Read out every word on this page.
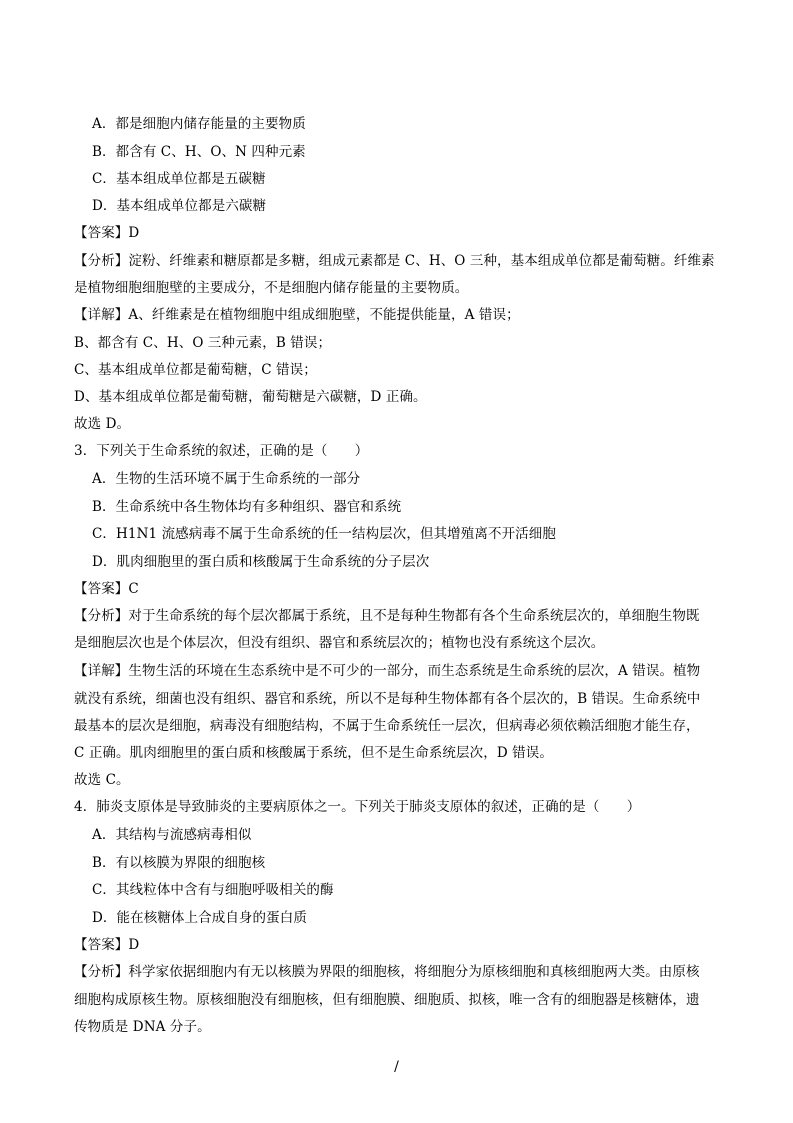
A．都是细胞内储存能量的主要物质
B．都含有 C、H、O、N 四种元素
C．基本组成单位都是五碳糖
D．基本组成单位都是六碳糖
【答案】D
【分析】淀粉、纤维素和糖原都是多糖，组成元素都是 C、H、O 三种，基本组成单位都是葡萄糖。纤维素
是植物细胞细胞壁的主要成分，不是细胞内储存能量的主要物质。
【详解】A、纤维素是在植物细胞中组成细胞壁，不能提供能量，A 错误；
B、都含有 C、H、O 三种元素，B 错误；
C、基本组成单位都是葡萄糖，C 错误；
D、基本组成单位都是葡萄糖，葡萄糖是六碳糖，D 正确。
故选 D。
3．下列关于生命系统的叙述，正确的是（　　）
A．生物的生活环境不属于生命系统的一部分
B．生命系统中各生物体均有多种组织、器官和系统
C．H1N1 流感病毒不属于生命系统的任一结构层次，但其增殖离不开活细胞
D．肌肉细胞里的蛋白质和核酸属于生命系统的分子层次
【答案】C
【分析】对于生命系统的每个层次都属于系统，且不是每种生物都有各个生命系统层次的，单细胞生物既
是细胞层次也是个体层次，但没有组织、器官和系统层次的；植物也没有系统这个层次。
【详解】生物生活的环境在生态系统中是不可少的一部分，而生态系统是生命系统的层次，A 错误。植物
就没有系统，细菌也没有组织、器官和系统，所以不是每种生物体都有各个层次的，B 错误。生命系统中
最基本的层次是细胞，病毒没有细胞结构，不属于生命系统任一层次，但病毒必须依赖活细胞才能生存，
C 正确。肌肉细胞里的蛋白质和核酸属于系统，但不是生命系统层次，D 错误。
故选 C。
4．肺炎支原体是导致肺炎的主要病原体之一。下列关于肺炎支原体的叙述，正确的是（　　）
A．其结构与流感病毒相似
B．有以核膜为界限的细胞核
C．其线粒体中含有与细胞呼吸相关的酶
D．能在核糖体上合成自身的蛋白质
【答案】D
【分析】科学家依据细胞内有无以核膜为界限的细胞核，将细胞分为原核细胞和真核细胞两大类。由原核
细胞构成原核生物。原核细胞没有细胞核，但有细胞膜、细胞质、拟核，唯一含有的细胞器是核糖体，遗
传物质是 DNA 分子。
/
